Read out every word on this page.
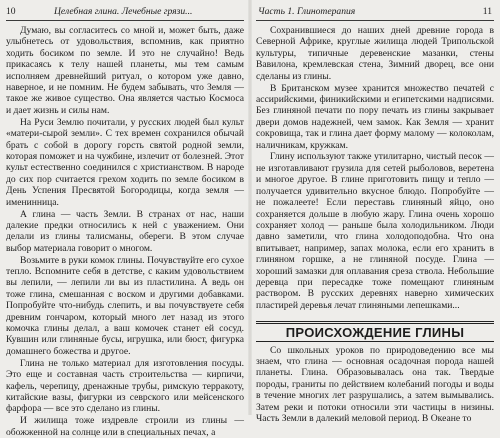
10	Целебная глина. Лечебные грязи...

Думаю, вы согласитесь со мной и, может быть, даже улыбнетесь от удовольствия, вспомнив, как приятно ходить босиком по земле. И это не случайно! Ведь прикасаясь к телу нашей планеты, мы тем самым исполняем древнейший ритуал, о котором уже давно, наверное, и не помним. Не будем забывать, что Земля — такое же живое существо. Она является частью Космоса и дает жизнь и силы нам.

На Руси Землю почитали, у русских людей был культ «матери-сырой земли». С тех времен сохранился обычай брать с собой в дорогу горсть святой родной земли, которая поможет и на чужбине, излечит от болезней. Этот культ естественно соединился с христианством. В народе до сих пор считается грехом ходить по земле босиком в День Успения Пресвятой Богородицы, когда земля — именинница.

А глина — часть Земли. В странах от нас, наши далекие предки относились к ней с уважением. Они делали из глины талисманы, обереги. В этом случае выбор материала говорит о многом.

Возьмите в руки комок глины. Почувствуйте его сухое тепло. Вспомните себя в детстве, с каким удовольствием вы лепили, — лепили ли вы из пластилина. А ведь он тоже глина, смешанная с воском и другими добавками. Попробуйте что-нибудь слепить, и вы почувствуете себя древним гончаром, который много лет назад из этого комочка глины делал, а ваш комочек станет ей сосуд. Кувшин или глиняные бусы, игрушка, или бюст, фигурка домашнего божества и другое.

Глина не только материал для изготовления посуды. Это еще и составная часть строительства — кирпичи, кафель, черепицу, дренажные трубы, римскую терракоту, китайские вазы, фигурки из севрского или мейсенского фарфора — все это сделано из глины.

И жилища тоже издревле строили из глины — обожженной на солнце или в специальных печах, а

Часть 1. Глинотерапия	11

Сохранившиеся до наших дней древние города в Северной Африке, круглые жилища людей Трипольской культуры, типичные деревенские мазанки, стены Вавилона, кремлевская стена, Зимний дворец, все они сделаны из глины.

В Британском музее хранится множество печатей с ассирийскими, финикийскими и египетскими надписями. Без глиняной печати по пору печать из глины закрывает двери домов надежней, чем замок. Как Земля — хранит сокровища, так и глина дает форму малому — колоколам, наличникам, кружкам.

Глину используют также утилитарно, чистый песок — не изготавливают грузила для сетей рыболовов, веретена и многое другое. В глине приготовить пищу и тепло — получается удивительно вкусное блюдо. Попробуйте — не пожалеете! Если переставь глиняный яйцо, оно сохраняется дольше в любую жару. Глина очень хорошо сохраняет холод — раньше была холодильником. Люди давно заметили, что глина холодоподобна. Что она впитывает, например, запах молока, если его хранить в глиняном горшке, а не глиняной посуде. Глина — хороший замазки для оплавания среза ствола. Небольшие деревца при пересадке тоже помещают глиняным раствором. В русских деревнях наверно химических пластирей деревья лечат глиняными лепешками...

ПРОИСХОЖДЕНИЕ ГЛИНЫ

Со школьных уроков по природоведению все мы знаем, что глина — основная осадочная порода нашей планеты. Глина. Образовывалась она так. Твердые породы, граниты по действием колебаний погоды и воды в течение многих лет разрушались, а затем вымывались. Затем реки и потоки относили эти частицы в низины. Часть Земли в далекий меловой период. В Океане то
